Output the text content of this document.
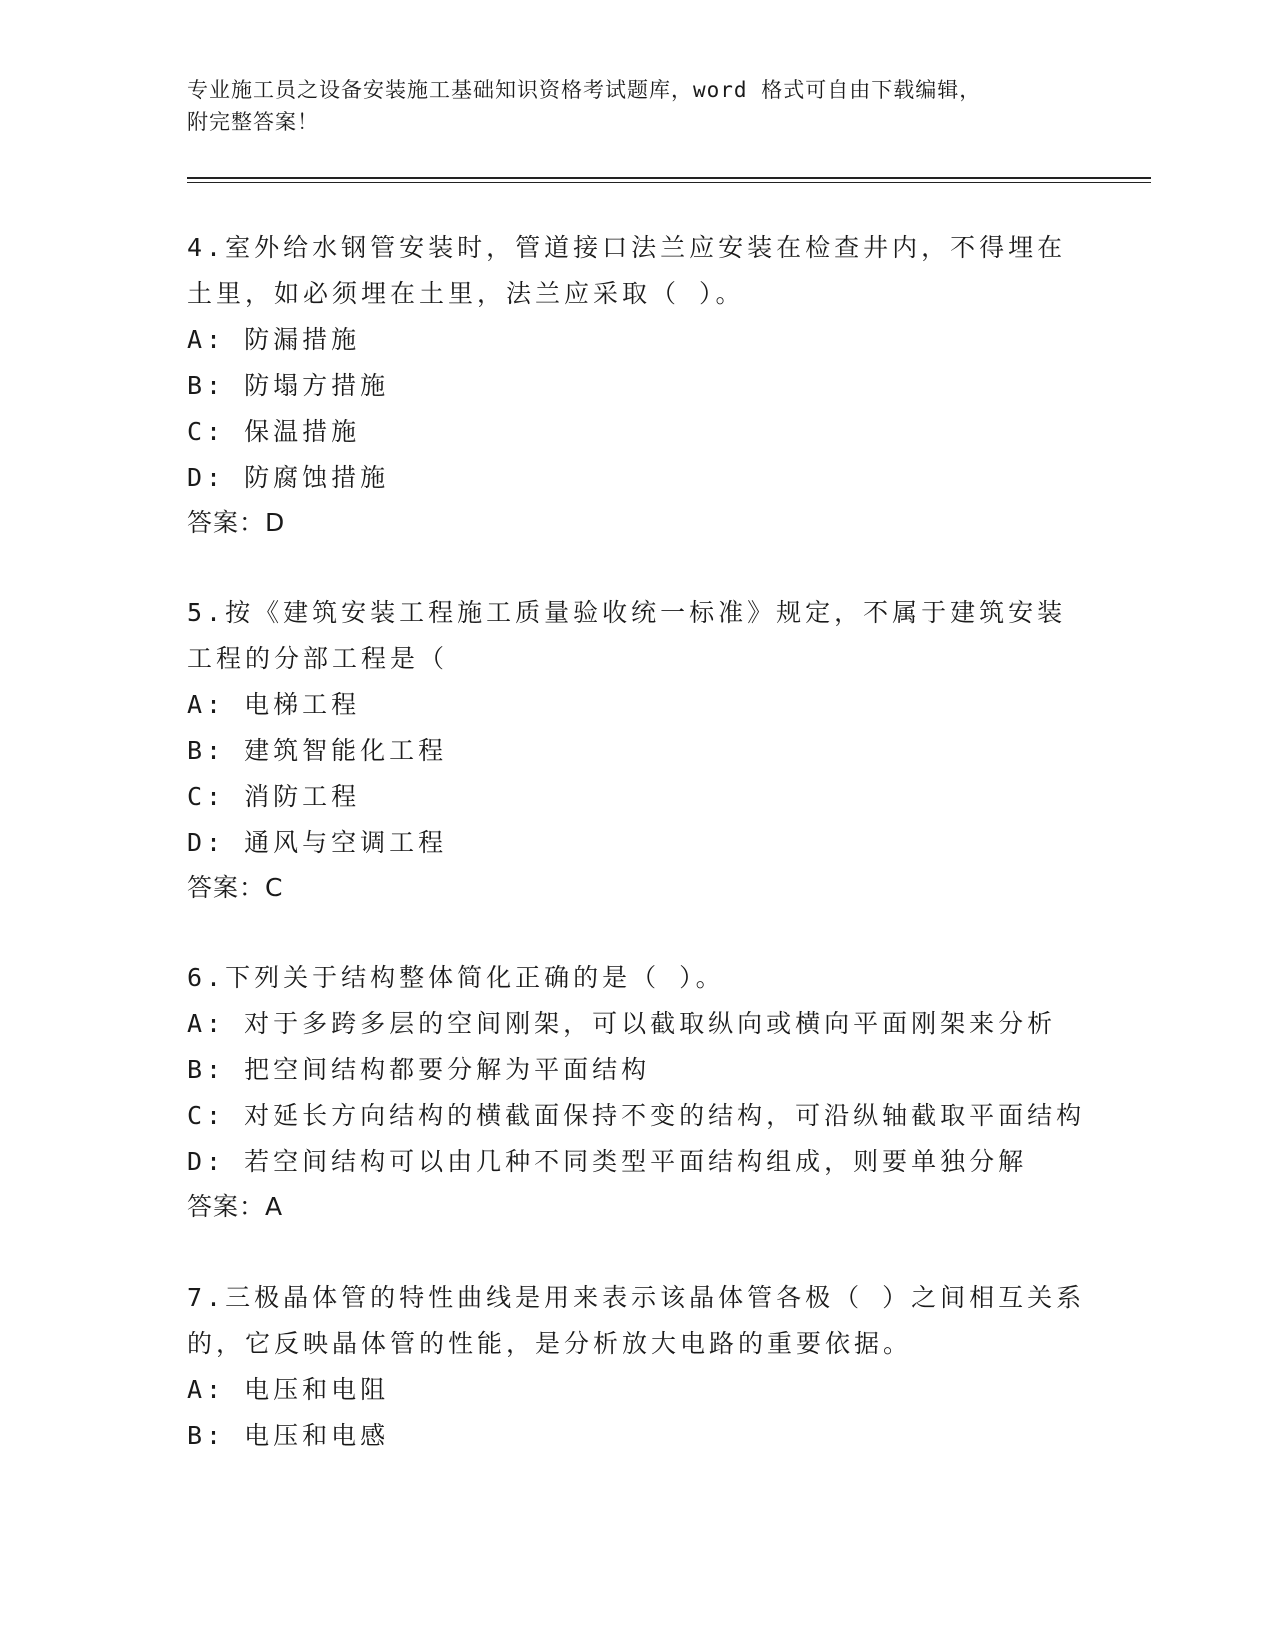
专业施工员之设备安装施工基础知识资格考试题库，word 格式可自由下载编辑，
附完整答案！
4.室外给水钢管安装时，管道接口法兰应安装在检查井内，不得埋在土里，如必须埋在土里，法兰应采取（ ）。
A: 防漏措施
B: 防塌方措施
C: 保温措施
D: 防腐蚀措施
答案：D
5.按《建筑安装工程施工质量验收统一标准》规定，不属于建筑安装工程的分部工程是（
A: 电梯工程
B: 建筑智能化工程
C: 消防工程
D: 通风与空调工程
答案：C
6.下列关于结构整体简化正确的是（ ）。
A: 对于多跨多层的空间刚架，可以截取纵向或横向平面刚架来分析
B: 把空间结构都要分解为平面结构
C: 对延长方向结构的横截面保持不变的结构，可沿纵轴截取平面结构
D: 若空间结构可以由几种不同类型平面结构组成，则要单独分解
答案：A
7.三极晶体管的特性曲线是用来表示该晶体管各极（ ）之间相互关系的，它反映晶体管的性能，是分析放大电路的重要依据。
A: 电压和电阻
B: 电压和电感
